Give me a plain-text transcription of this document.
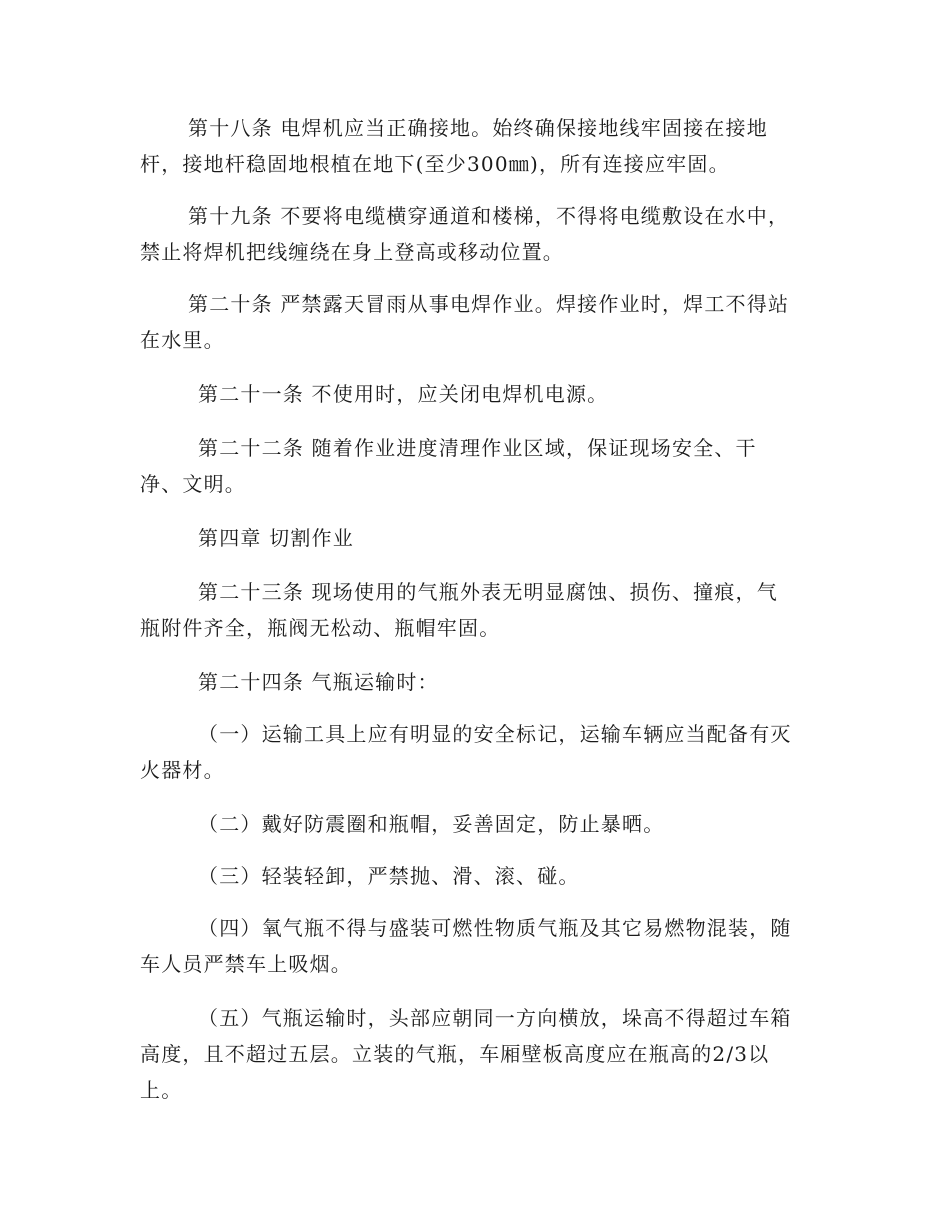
第十八条 电焊机应当正确接地。始终确保接地线牢固接在接地
杆，接地杆稳固地根植在地下(至少300㎜)，所有连接应牢固。

第十九条 不要将电缆横穿通道和楼梯，不得将电缆敷设在水中，
禁止将焊机把线缠绕在身上登高或移动位置。

第二十条 严禁露天冒雨从事电焊作业。焊接作业时，焊工不得站
在水里。

第二十一条 不使用时，应关闭电焊机电源。

第二十二条 随着作业进度清理作业区域，保证现场安全、干
净、文明。

第四章 切割作业

第二十三条 现场使用的气瓶外表无明显腐蚀、损伤、撞痕，气
瓶附件齐全，瓶阀无松动、瓶帽牢固。

第二十四条 气瓶运输时：

（一）运输工具上应有明显的安全标记，运输车辆应当配备有灭
火器材。

（二）戴好防震圈和瓶帽，妥善固定，防止暴晒。

（三）轻装轻卸，严禁抛、滑、滚、碰。

（四）氧气瓶不得与盛装可燃性物质气瓶及其它易燃物混装，随
车人员严禁车上吸烟。

（五）气瓶运输时，头部应朝同一方向横放，垛高不得超过车箱
高度，且不超过五层。立装的气瓶，车厢壁板高度应在瓶高的2/3以
上。
